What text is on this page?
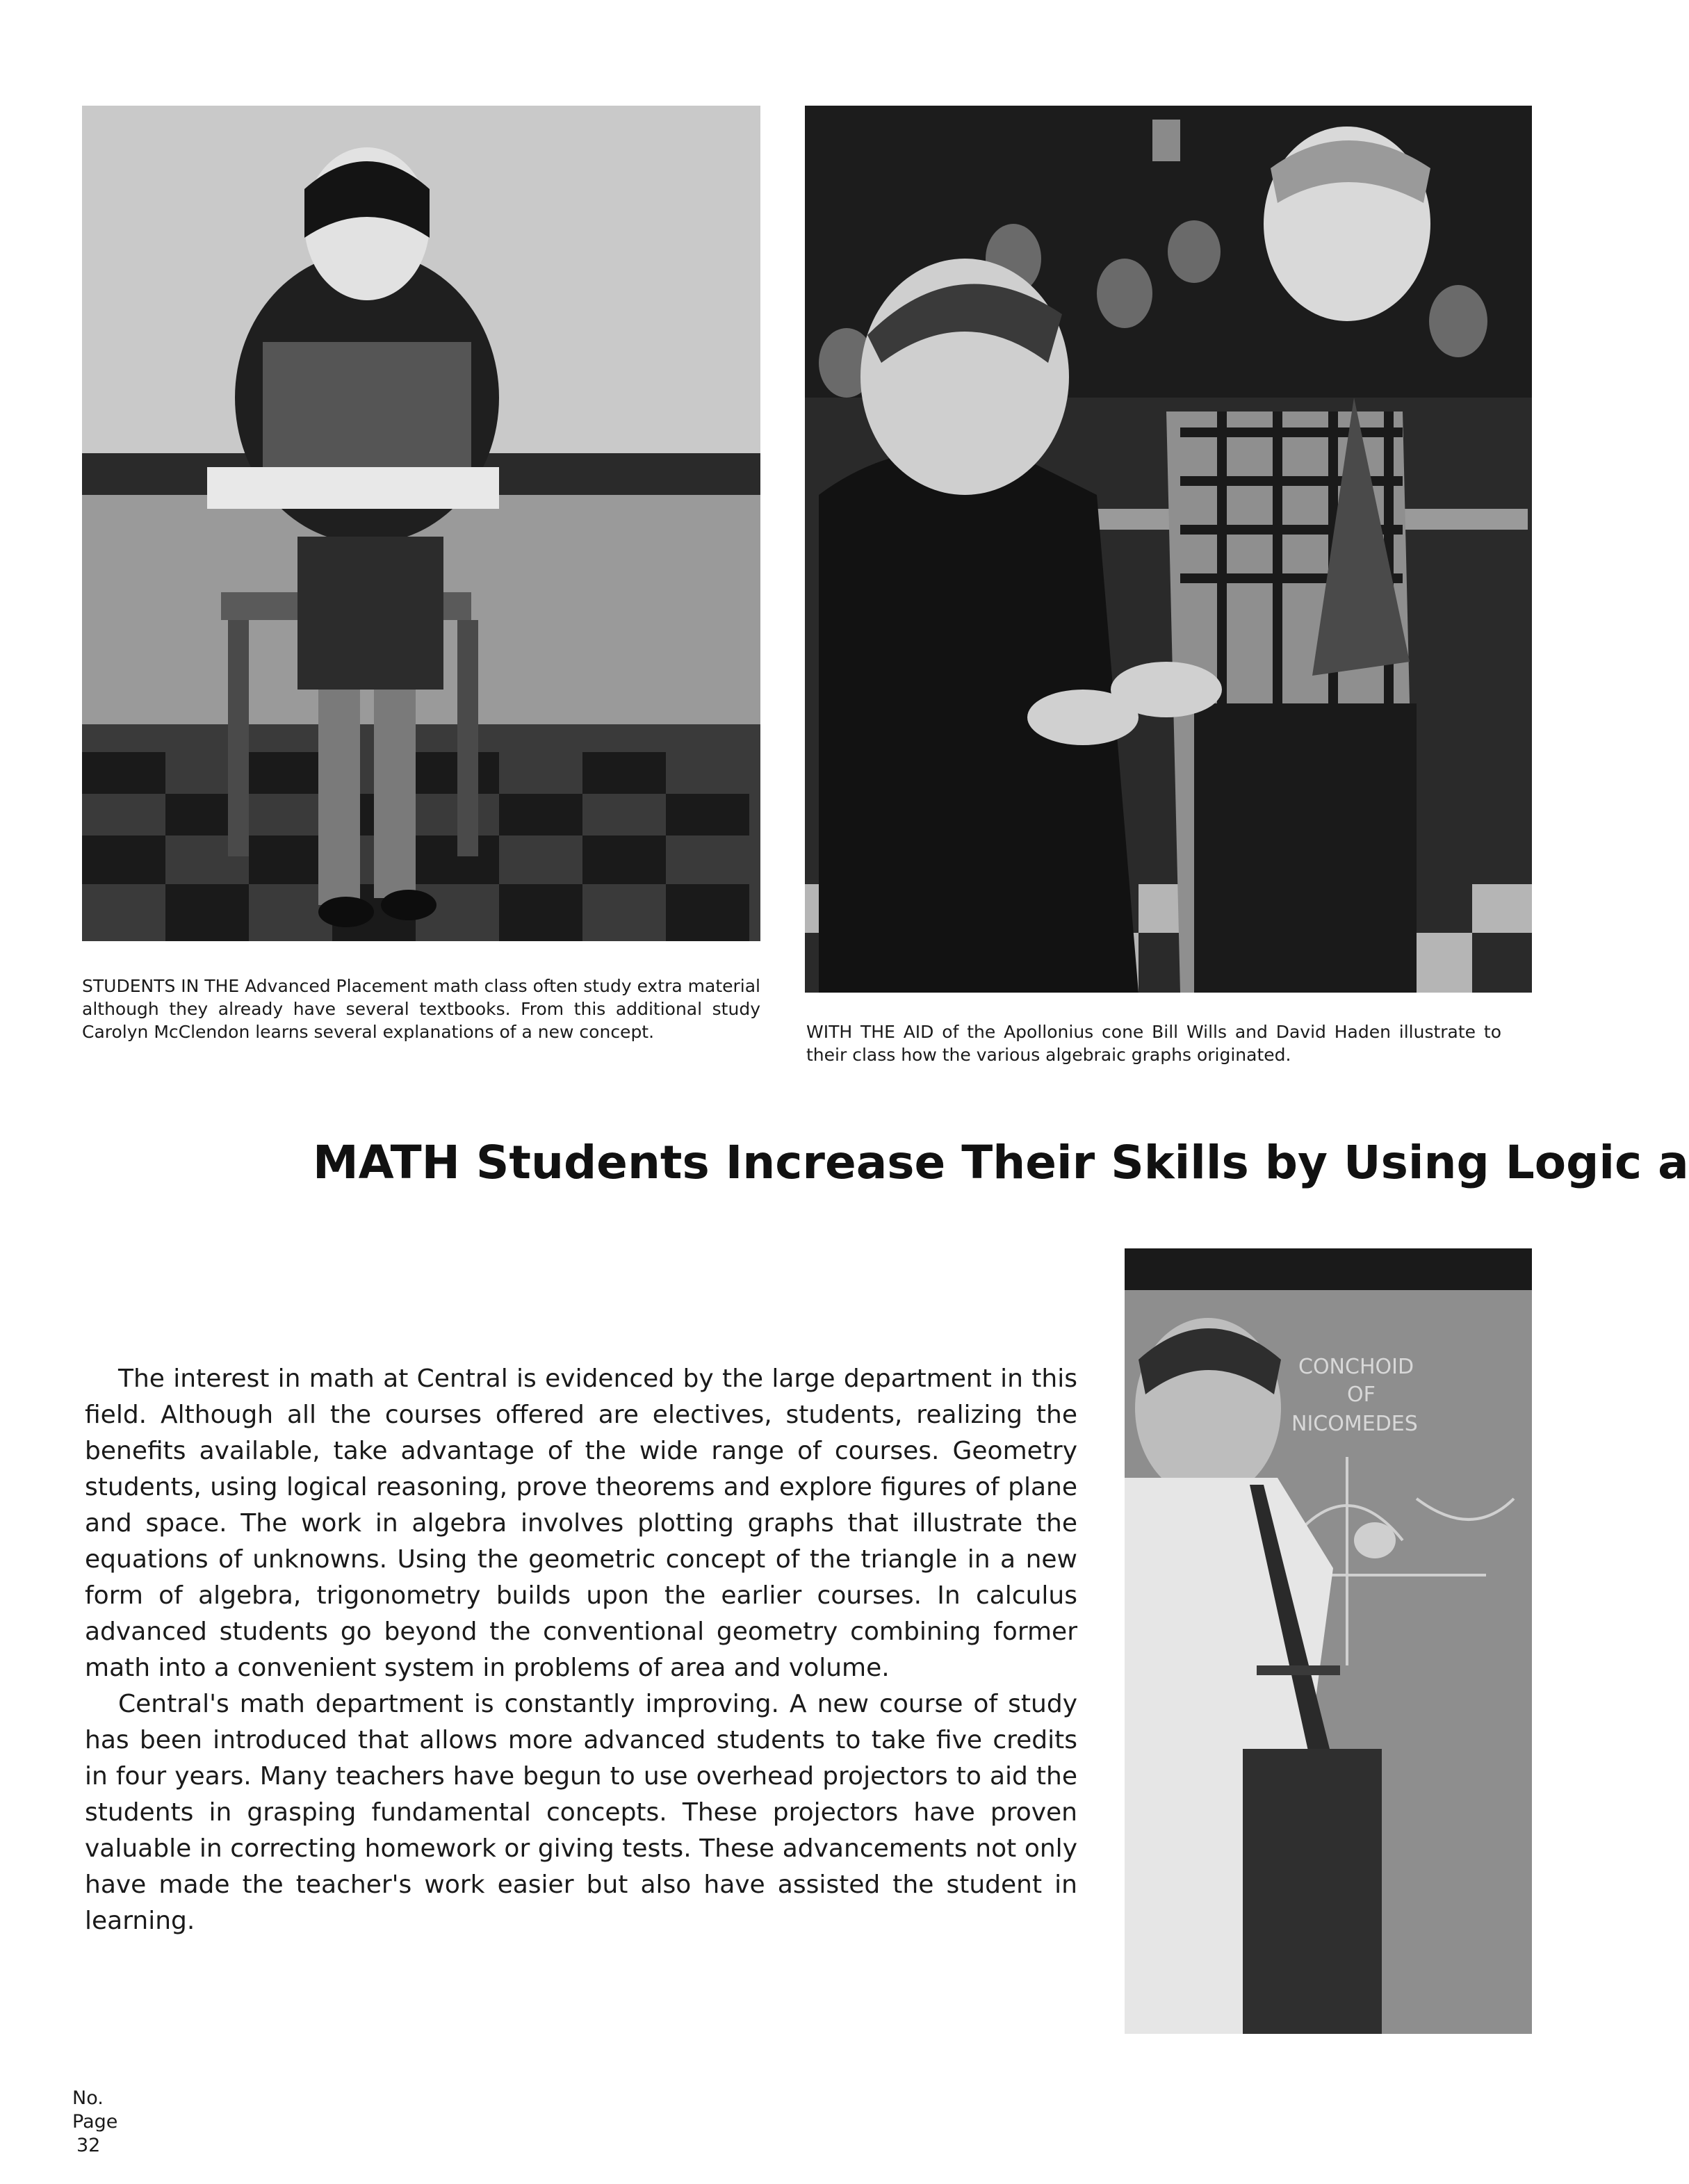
STUDENTS IN THE Advanced Placement math class often study extra material although they already have several textbooks. From this additional study Carolyn McClendon learns several explanations of a new concept.	WITH THE AID of the Apollonius cone Bill Wills and David Haden illustrate to their class how the various algebraic graphs originated.

MATH Students Increase Their Skills by Using Logic a
CONCHOID
OF
NICOMEDES

The interest in math at Central is evidenced by the large department in this field. Although all the courses offered are electives, students, realizing the benefits available, take advantage of the wide range of courses. Geometry students, using logical reasoning, prove theorems and explore figures of plane and space. The work in algebra involves plotting graphs that illustrate the equations of unknowns. Using the geometric concept of the triangle in a new form of algebra, trigonometry builds upon the earlier courses. In calculus advanced students go beyond the conventional geometry combining former math into a convenient system in problems of area and volume.

Central's math department is constantly improving. A new course of study has been introduced that allows more advanced students to take five credits in four years. Many teachers have begun to use overhead projectors to aid the students in grasping fundamental concepts. These projectors have proven valuable in correcting homework or giving tests. These advancements not only have made the teacher's work easier but also have assisted the student in learning.

No.
Page
32
